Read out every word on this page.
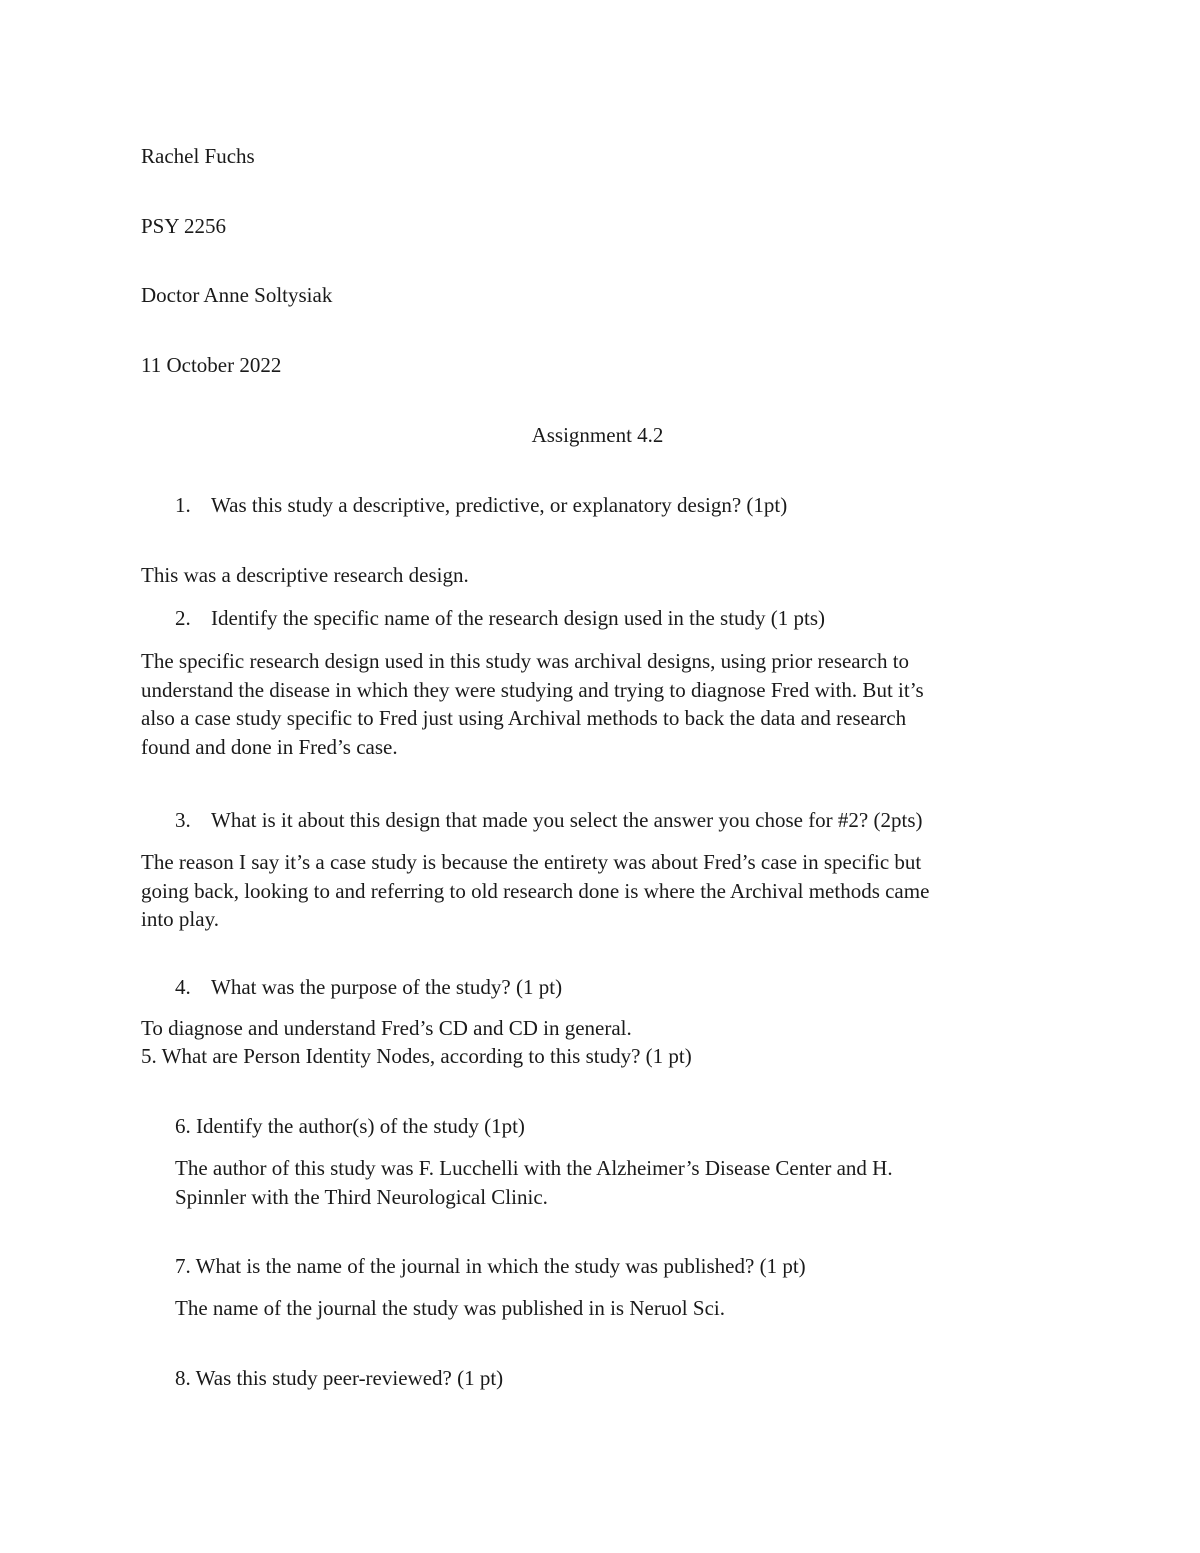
Rachel Fuchs
PSY 2256
Doctor Anne Soltysiak
11 October 2022
Assignment 4.2
1. Was this study a descriptive, predictive, or explanatory design? (1pt)
This was a descriptive research design.
2. Identify the specific name of the research design used in the study (1 pts)
The specific research design used in this study was archival designs, using prior research to
understand the disease in which they were studying and trying to diagnose Fred with. But it’s
also a case study specific to Fred just using Archival methods to back the data and research
found and done in Fred’s case.
3. What is it about this design that made you select the answer you chose for #2? (2pts)
The reason I say it’s a case study is because the entirety was about Fred’s case in specific but
going back, looking to and referring to old research done is where the Archival methods came
into play.
4. What was the purpose of the study? (1 pt)
To diagnose and understand Fred’s CD and CD in general.
5. What are Person Identity Nodes, according to this study? (1 pt)
6. Identify the author(s) of the study (1pt)
The author of this study was F. Lucchelli with the Alzheimer’s Disease Center and H.
Spinnler with the Third Neurological Clinic.
7. What is the name of the journal in which the study was published? (1 pt)
The name of the journal the study was published in is Neruol Sci.
8. Was this study peer-reviewed? (1 pt)
